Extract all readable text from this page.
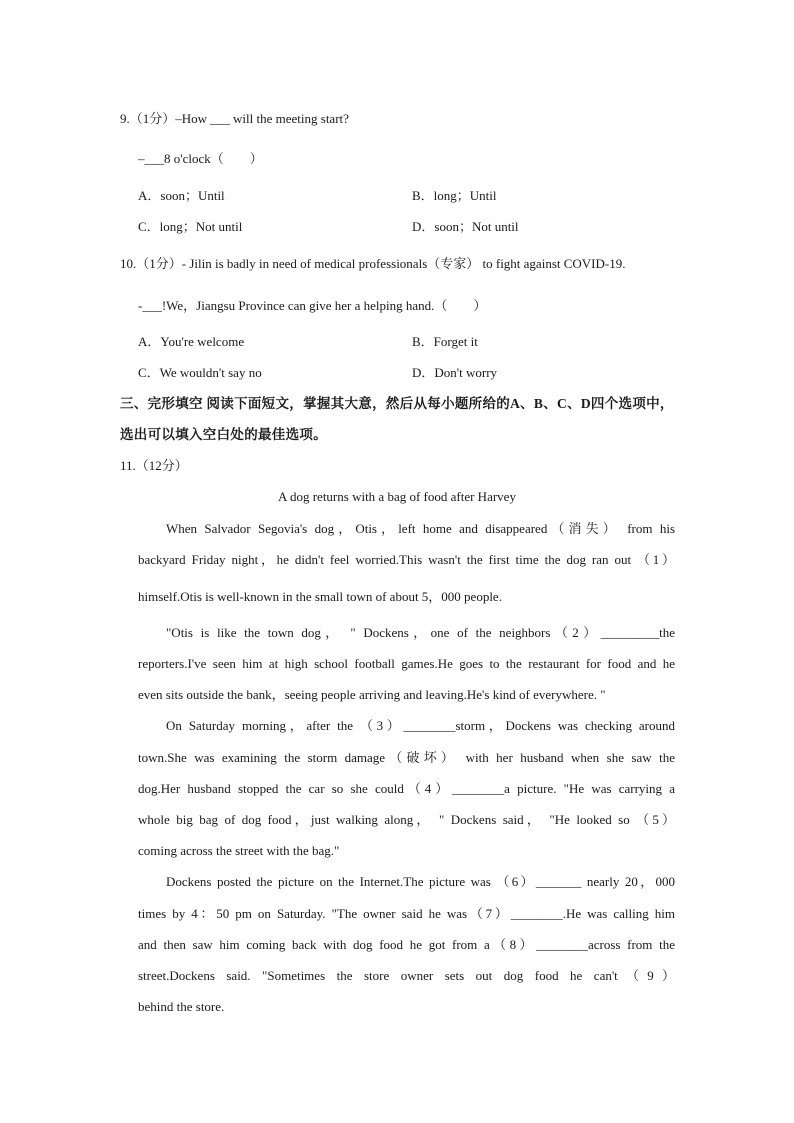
9.（1分）–How ___ will the meeting start?
–___8 o'clock（　　）
A．soon；Until	B．long；Until
C．long；Not until	D．soon；Not until
10.（1分）- Jilin is badly in need of medical professionals（专家） to fight against COVID-19.
-___!We，Jiangsu Province can give her a helping hand.（　　）
A．You're welcome	B．Forget it
C．We wouldn't say no	D．Don't worry
三、完形填空 阅读下面短文，掌握其大意，然后从每小题所给的A、B、C、D四个选项中，
选出可以填入空白处的最佳选项。
11.（12分）
A dog returns with a bag of food after Harvey
When Salvador Segovia's dog，Otis，left home and disappeared（消失） from his
backyard Friday night，he didn't feel worried.This wasn't the first time the dog ran out （1）
himself.Otis is well-known in the small town of about 5，000 people.
"Otis is like the town dog， " Dockens，one of the neighbors（2）_________the
reporters.I've seen him at high school football games.He goes to the restaurant for food and he
even sits outside the bank，seeing people arriving and leaving.He's kind of everywhere. "
On Saturday morning，after the （3）________storm，Dockens was checking around
town.She was examining the storm damage（破坏） with her husband when she saw the
dog.Her husband stopped the car so she could（4）________a picture. "He was carrying a
whole big bag of dog food，just walking along， " Dockens said， "He looked so （5）
coming across the street with the bag."
Dockens posted the picture on the Internet.The picture was （6）_______ nearly 20，000
times by 4：50 pm on Saturday. "The owner said he was（7）________.He was calling him
and then saw him coming back with dog food he got from a（8）________across from the
street.Dockens said. "Sometimes the store owner sets out dog food he can't（9）
behind the store.
